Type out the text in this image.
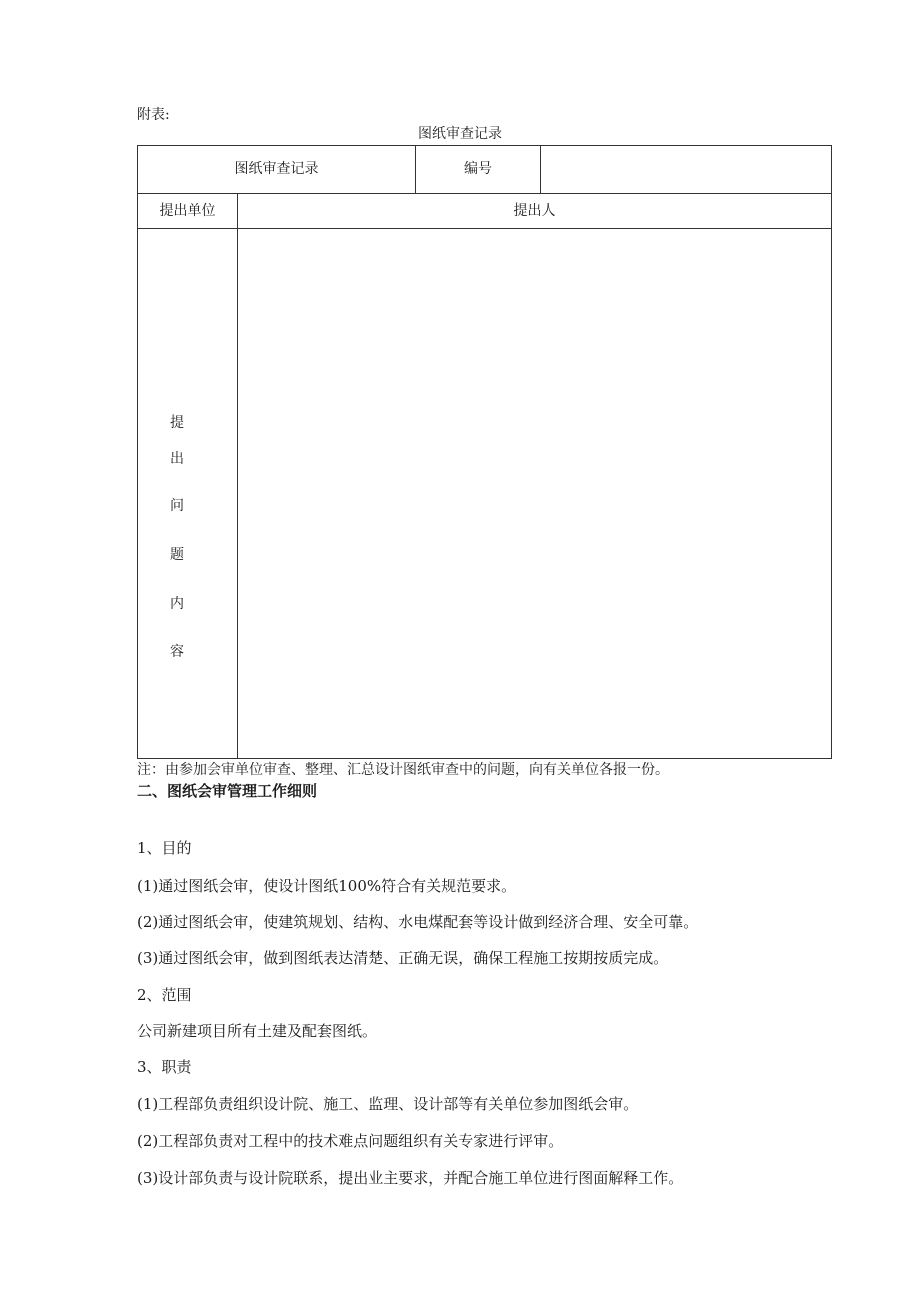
附表:
图纸审查记录
图纸审查记录	编号
提出单位	提出人
提
出
问
题
内
容
注：由参加会审单位审查、整理、汇总设计图纸审查中的问题，向有关单位各报一份。
二、图纸会审管理工作细则
1、目的
(1)通过图纸会审，使设计图纸100%符合有关规范要求。
(2)通过图纸会审，使建筑规划、结构、水电煤配套等设计做到经济合理、安全可靠。
(3)通过图纸会审，做到图纸表达清楚、正确无误，确保工程施工按期按质完成。
2、范围
公司新建项目所有土建及配套图纸。
3、职责
(1)工程部负责组织设计院、施工、监理、设计部等有关单位参加图纸会审。
(2)工程部负责对工程中的技术难点问题组织有关专家进行评审。
(3)设计部负责与设计院联系，提出业主要求，并配合施工单位进行图面解释工作。
